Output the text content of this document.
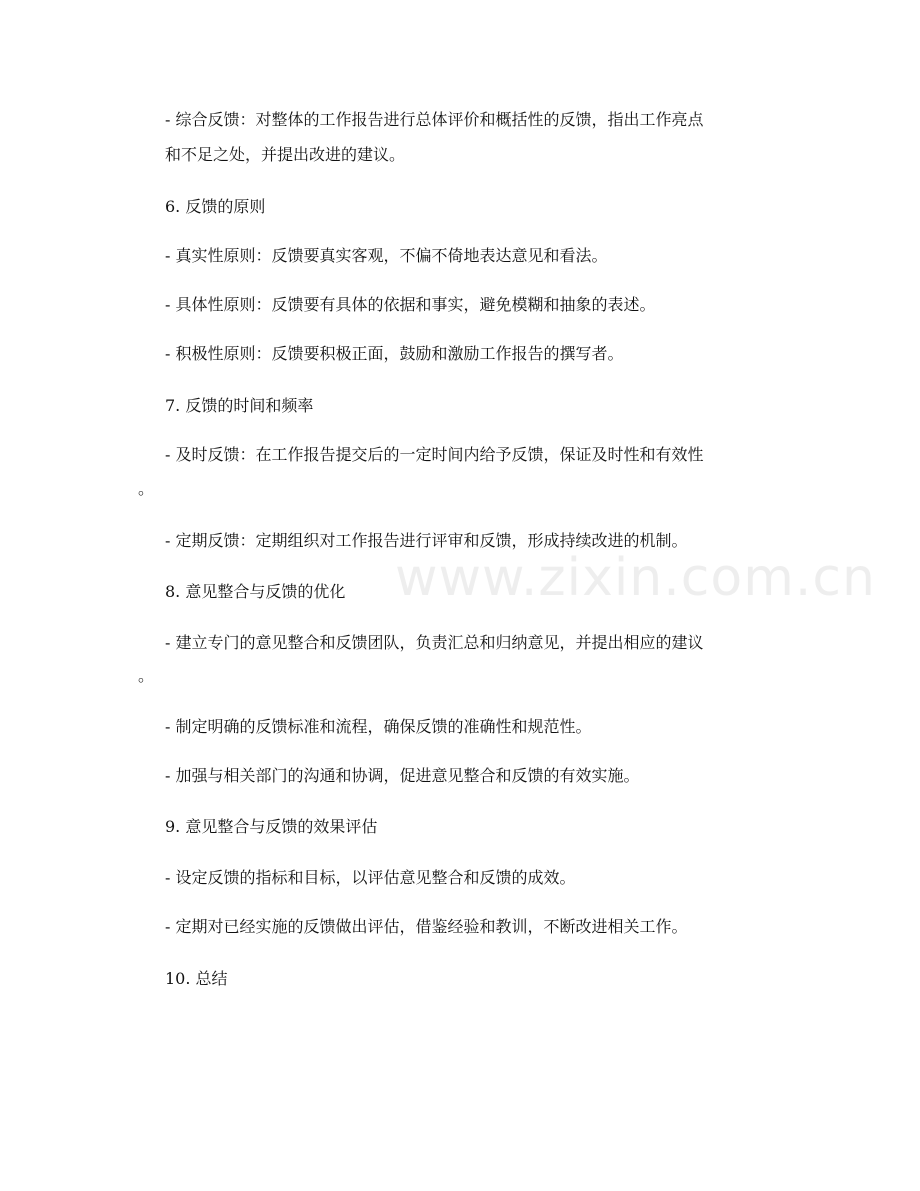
www.zixin.com.cn
- 综合反馈：对整体的工作报告进行总体评价和概括性的反馈，指出工作亮点
和不足之处，并提出改进的建议。
6. 反馈的原则
- 真实性原则：反馈要真实客观，不偏不倚地表达意见和看法。
- 具体性原则：反馈要有具体的依据和事实，避免模糊和抽象的表述。
- 积极性原则：反馈要积极正面，鼓励和激励工作报告的撰写者。
7. 反馈的时间和频率
- 及时反馈：在工作报告提交后的一定时间内给予反馈，保证及时性和有效性
。
- 定期反馈：定期组织对工作报告进行评审和反馈，形成持续改进的机制。
8. 意见整合与反馈的优化
- 建立专门的意见整合和反馈团队，负责汇总和归纳意见，并提出相应的建议
。
- 制定明确的反馈标准和流程，确保反馈的准确性和规范性。
- 加强与相关部门的沟通和协调，促进意见整合和反馈的有效实施。
9. 意见整合与反馈的效果评估
- 设定反馈的指标和目标，以评估意见整合和反馈的成效。
- 定期对已经实施的反馈做出评估，借鉴经验和教训，不断改进相关工作。
10. 总结
